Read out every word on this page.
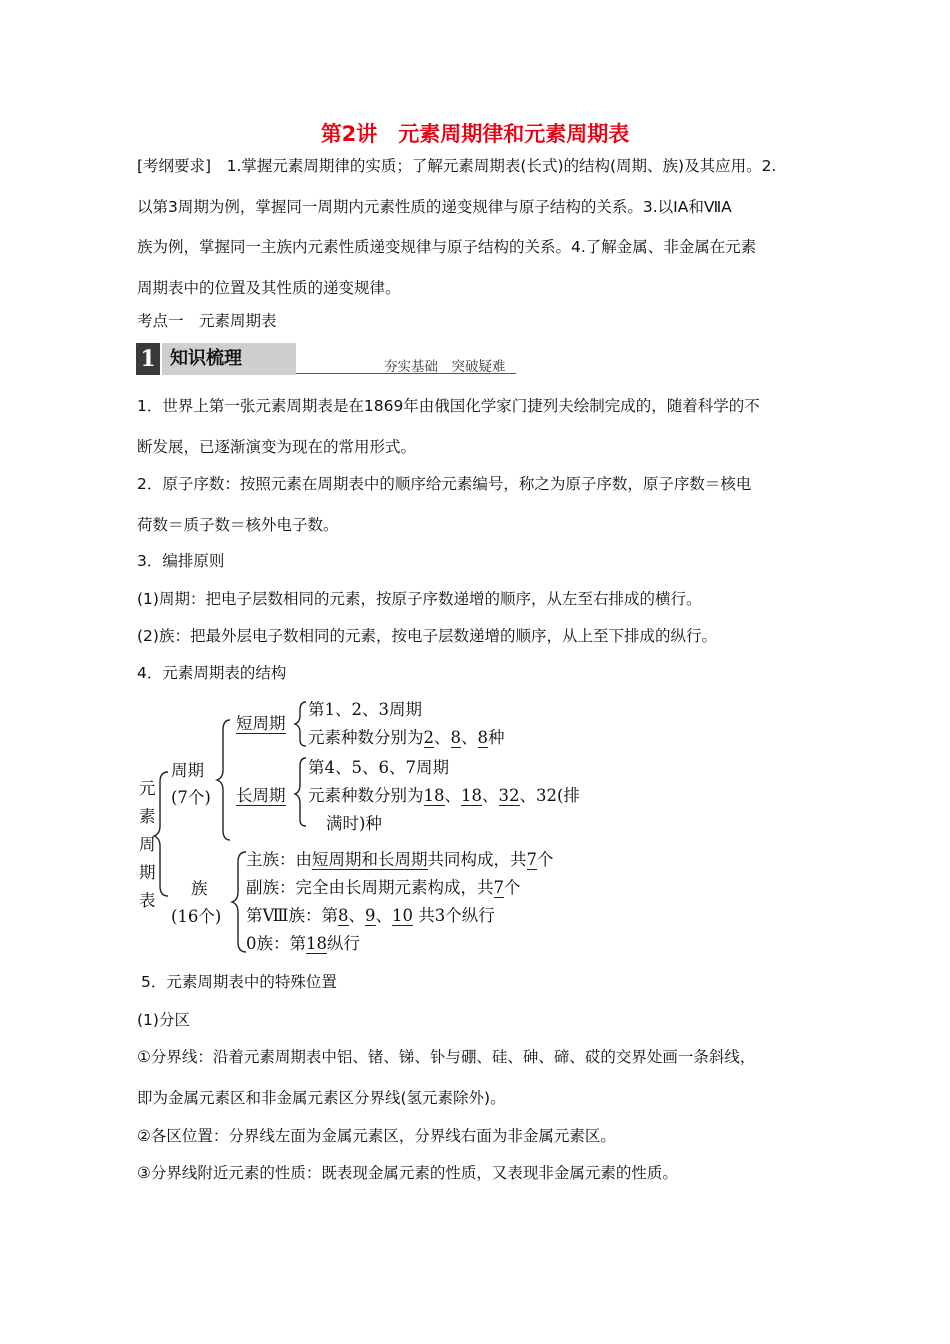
第2讲　元素周期律和元素周期表
[考纲要求]　 1.掌握元素周期律的实质；了解元素周期表(长式)的结构(周期、族)及其应用。2.
以第3周期为例，掌握同一周期内元素性质的递变规律与原子结构的关系。3.以ⅠA和ⅦA
族为例，掌握同一主族内元素性质递变规律与原子结构的关系。4.了解金属、非金属在元素
周期表中的位置及其性质的递变规律。
考点一　元素周期表
1 知识梳理	夯实基础　突破疑难
1．世界上第一张元素周期表是在1869年由俄国化学家门捷列夫绘制完成的，随着科学的不
断发展，已逐渐演变为现在的常用形式。
2．原子序数：按照元素在周期表中的顺序给元素编号，称之为原子序数，原子序数＝核电
荷数＝质子数＝核外电子数。
3．编排原则
(1)周期：把电子层数相同的元素，按原子序数递增的顺序，从左至右排成的横行。
(2)族：把最外层电子数相同的元素，按电子层数递增的顺序，从上至下排成的纵行。
4．元素周期表的结构
元
素
周
期
表
周期
(7个)
短周期
第1、2、3周期
元素种数分别为2、8、8种
长周期
第4、5、6、7周期
元素种数分别为18、18、32、32(排
满时)种
族
(16个)
主族：由短周期和长周期共同构成，共7个
副族：完全由长周期元素构成，共7个
第Ⅷ族：第8、9、10 共3个纵行
0族：第18纵行
5．元素周期表中的特殊位置
(1)分区
①分界线：沿着元素周期表中铝、锗、锑、钋与硼、硅、砷、碲、砹的交界处画一条斜线，
即为金属元素区和非金属元素区分界线(氢元素除外)。
②各区位置：分界线左面为金属元素区，分界线右面为非金属元素区。
③分界线附近元素的性质：既表现金属元素的性质，又表现非金属元素的性质。
